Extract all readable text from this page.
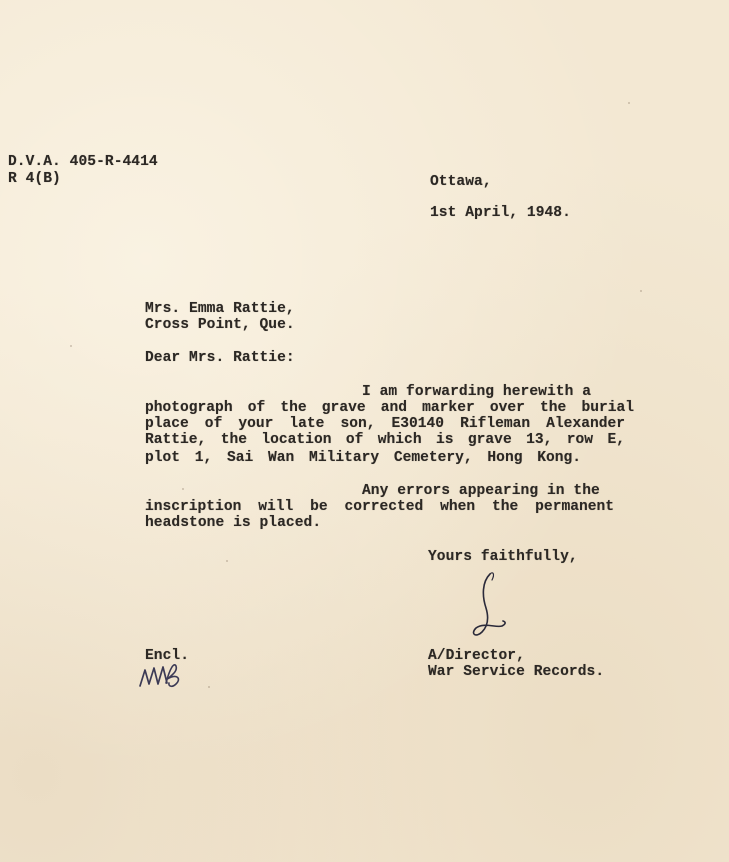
D.V.A. 405-R-4414
R 4(B)	Ottawa,
1st April, 1948.
Mrs. Emma Rattie,
Cross Point, Que.
Dear Mrs. Rattie:
I am forwarding herewith a
photograph of the grave and marker over the burial
place of your late son, E30140 Rifleman Alexander
Rattie, the location of which is grave 13, row E,
plot 1, Sai Wan Military Cemetery, Hong Kong.
Any errors appearing in the
inscription will be corrected when the permanent
headstone is placed.
Yours faithfully,
A/Director,
War Service Records.
Encl.
